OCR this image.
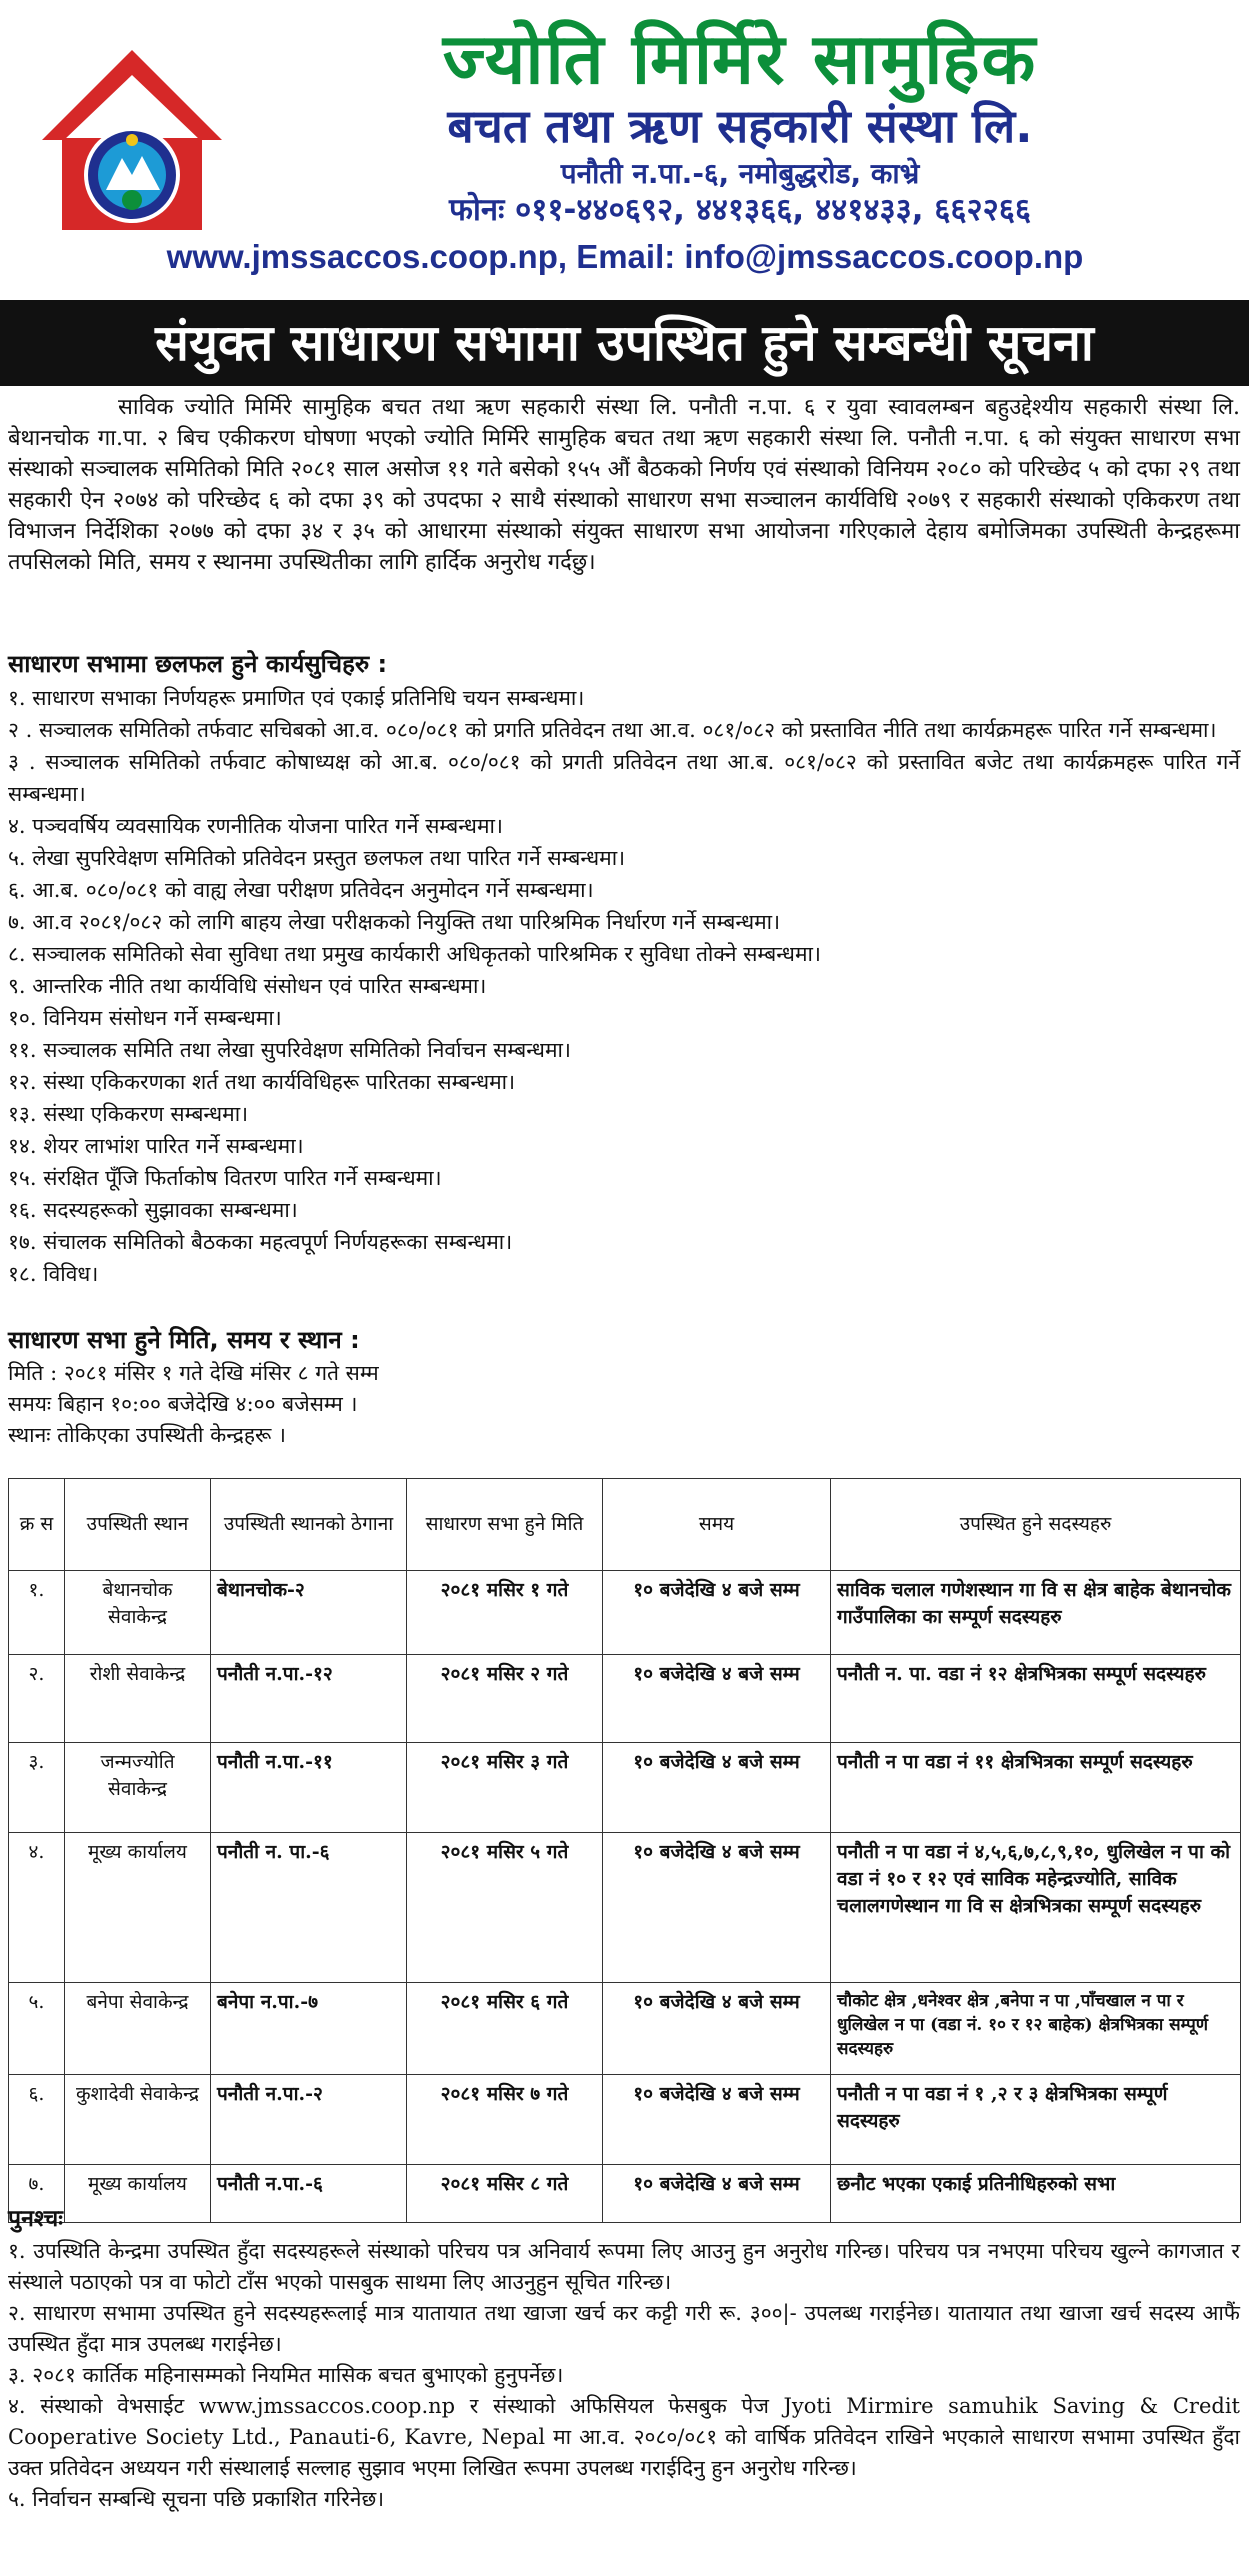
ज्योति मिर्मिरे सामुहिक
बचत तथा ऋण सहकारी संस्था लि.
पनौती न.पा.-६, नमोबुद्धरोड, काभ्रे
फोनः ०११-४४०६९२, ४४१३६६, ४४१४३३, ६६२२६६
www.jmssaccos.coop.np, Email: info@jmssaccos.coop.np
संयुक्त साधारण सभामा उपस्थित हुने सम्बन्धी सूचना

साविक ज्योति मिर्मिरे सामुहिक बचत तथा ऋण सहकारी संस्था लि. पनौती न.पा. ६ र युवा स्वावलम्बन बहुउद्देश्यीय सहकारी संस्था लि. बेथानचोक गा.पा. २ बिच एकीकरण घोषणा भएको ज्योति मिर्मिरे सामुहिक बचत तथा ऋण सहकारी संस्था लि. पनौती न.पा. ६ को संयुक्त साधारण सभा संस्थाको सञ्चालक समितिको मिति २०८१ साल असोज ११ गते बसेको १५५ औं बैठकको निर्णय एवं संस्थाको विनियम २०८० को परिच्छेद ५ को दफा २९ तथा सहकारी ऐन २०७४ को परिच्छेद ६ को दफा ३९ को उपदफा २ साथै संस्थाको साधारण सभा सञ्चालन कार्यविधि २०७९ र सहकारी संस्थाको एकिकरण तथा विभाजन निर्देशिका २०७७ को दफा ३४ र ३५ को आधारमा संस्थाको संयुक्त साधारण सभा आयोजना गरिएकाले देहाय बमोजिमका उपस्थिती केन्द्रहरूमा तपसिलको मिति, समय र स्थानमा उपस्थितीका लागि हार्दिक अनुरोध गर्दछु।

साधारण सभामा छलफल हुने कार्यसुचिहरु :
१. साधारण सभाका निर्णयहरू प्रमाणित एवं एकाई प्रतिनिधि चयन सम्बन्धमा।
२ . सञ्चालक समितिको तर्फवाट सचिबको आ.व. ०८०/०८१ को प्रगति प्रतिवेदन तथा आ.व. ०८१/०८२ को प्रस्तावित नीति तथा कार्यक्रमहरू पारित गर्ने सम्बन्धमा।
३ . सञ्चालक समितिको तर्फवाट कोषाध्यक्ष को आ.ब. ०८०/०८१ को प्रगती प्रतिवेदन तथा आ.ब. ०८१/०८२ को प्रस्तावित बजेट तथा कार्यक्रमहरू पारित गर्ने सम्बन्धमा।
४. पञ्चवर्षिय व्यवसायिक रणनीतिक योजना पारित गर्ने सम्बन्धमा।
५. लेखा सुपरिवेक्षण समितिको प्रतिवेदन प्रस्तुत छलफल तथा पारित गर्ने सम्बन्धमा।
६. आ.ब. ०८०/०८१ को वाह्य लेखा परीक्षण प्रतिवेदन अनुमोदन गर्ने सम्बन्धमा।
७. आ.व २०८१/०८२ को लागि बाहय लेखा परीक्षकको नियुक्ति तथा पारिश्रमिक निर्धारण गर्ने सम्बन्धमा।
८. सञ्चालक समितिको सेवा सुविधा तथा प्रमुख कार्यकारी अधिकृतको पारिश्रमिक र सुविधा तोक्ने सम्बन्धमा।
९. आन्तरिक नीति तथा कार्यविधि संसोधन एवं पारित सम्बन्धमा।
१०. विनियम संसोधन गर्ने सम्बन्धमा।
११. सञ्चालक समिति तथा लेखा सुपरिवेक्षण समितिको निर्वाचन सम्बन्धमा।
१२. संस्था एकिकरणका शर्त तथा कार्यविधिहरू पारितका सम्बन्धमा।
१३. संस्था एकिकरण सम्बन्धमा।
१४. शेयर लाभांश पारित गर्ने सम्बन्धमा।
१५. संरक्षित पूँजि फिर्ताकोष वितरण पारित गर्ने सम्बन्धमा।
१६. सदस्यहरूको सुझावका सम्बन्धमा।
१७. संचालक समितिको बैठकका महत्वपूर्ण निर्णयहरूका सम्बन्धमा।
१८. विविध।
साधारण सभा हुने मिति, समय र स्थान :
मिति : २०८१ मंसिर १ गते देखि मंसिर ८ गते सम्म
समयः बिहान १०:०० बजेदेखि ४:०० बजेसम्म ।
स्थानः तोकिएका उपस्थिती केन्द्रहरू ।
क्र स	उपस्थिती स्थान	उपस्थिती स्थानको ठेगाना	साधारण सभा हुने मिति	समय	उपस्थित हुने सदस्यहरु
१.	बेथानचोक सेवाकेन्द्र	बेथानचोक-२	२०८१ मसिर १ गते	१० बजेदेखि ४ बजे सम्म	साविक चलाल गणेशस्थान गा वि स क्षेत्र बाहेक बेथानचोक गाउँपालिका का सम्पूर्ण सदस्यहरु
२.	रोशी सेवाकेन्द्र	पनौती न.पा.-१२	२०८१ मसिर २ गते	१० बजेदेखि ४ बजे सम्म	पनौती न. पा. वडा नं १२ क्षेत्रभित्रका सम्पूर्ण सदस्यहरु
३.	जन्मज्योति सेवाकेन्द्र	पनौती न.पा.-११	२०८१ मसिर ३ गते	१० बजेदेखि ४ बजे सम्म	पनौती न पा वडा नं ११ क्षेत्रभित्रका सम्पूर्ण सदस्यहरु
४.	मूख्य कार्यालय	पनौती न. पा.-६	२०८१ मसिर ५ गते	१० बजेदेखि ४ बजे सम्म	पनौती न पा वडा नं ४,५,६,७,८,९,१०, धुलिखेल न पा को वडा नं १० र १२ एवं साविक महेन्द्रज्योति, साविक चलालगणेस्थान गा वि स क्षेत्रभित्रका सम्पूर्ण सदस्यहरु
५.	बनेपा सेवाकेन्द्र	बनेपा न.पा.-७	२०८१ मसिर ६ गते	१० बजेदेखि ४ बजे सम्म	चौकोट क्षेत्र ,धनेश्वर क्षेत्र ,बनेपा न पा ,पाँचखाल न पा र धुलिखेल न पा (वडा नं. १० र १२ बाहेक) क्षेत्रभित्रका सम्पूर्ण सदस्यहरु
६.	कुशादेवी सेवाकेन्द्र	पनौती न.पा.-२	२०८१ मसिर ७ गते	१० बजेदेखि ४ बजे सम्म	पनौती न पा वडा नं १ ,२ र ३ क्षेत्रभित्रका सम्पूर्ण सदस्यहरु
७.	मूख्य कार्यालय	पनौती न.पा.-६	२०८१ मसिर ८ गते	१० बजेदेखि ४ बजे सम्म	छनौट भएका एकाई प्रतिनीधिहरुको सभा
पुनश्चः
१. उपस्थिति केन्द्रमा उपस्थित हुँदा सदस्यहरूले संस्थाको परिचय पत्र अनिवार्य रूपमा लिए आउनु हुन अनुरोध गरिन्छ। परिचय पत्र नभएमा परिचय खुल्ने कागजात र संस्थाले पठाएको पत्र वा फोटो टाँस भएको पासबुक साथमा लिए आउनुहुन सूचित गरिन्छ।
२. साधारण सभामा उपस्थित हुने सदस्यहरूलाई मात्र यातायात तथा खाजा खर्च कर कट्टी गरी रू. ३००|- उपलब्ध गराईनेछ। यातायात तथा खाजा खर्च सदस्य आफैं उपस्थित हुँदा मात्र उपलब्ध गराईनेछ।
३. २०८१ कार्तिक महिनासम्मको नियमित मासिक बचत बुभाएको हुनुपर्नेछ।
४. संस्थाको वेभसाईट www.jmssaccos.coop.np र संस्थाको अफिसियल फेसबुक पेज Jyoti Mirmire samuhik Saving & Credit Cooperative Society Ltd., Panauti-6, Kavre, Nepal मा आ.व. २०८०/०८१ को वार्षिक प्रतिवेदन राखिने भएकाले साधारण सभामा उपस्थित हुँदा उक्त प्रतिवेदन अध्ययन गरी संस्थालाई सल्लाह सुझाव भएमा लिखित रूपमा उपलब्ध गराईदिनु हुन अनुरोध गरिन्छ।
५. निर्वाचन सम्बन्धि सूचना पछि प्रकाशित गरिनेछ।
